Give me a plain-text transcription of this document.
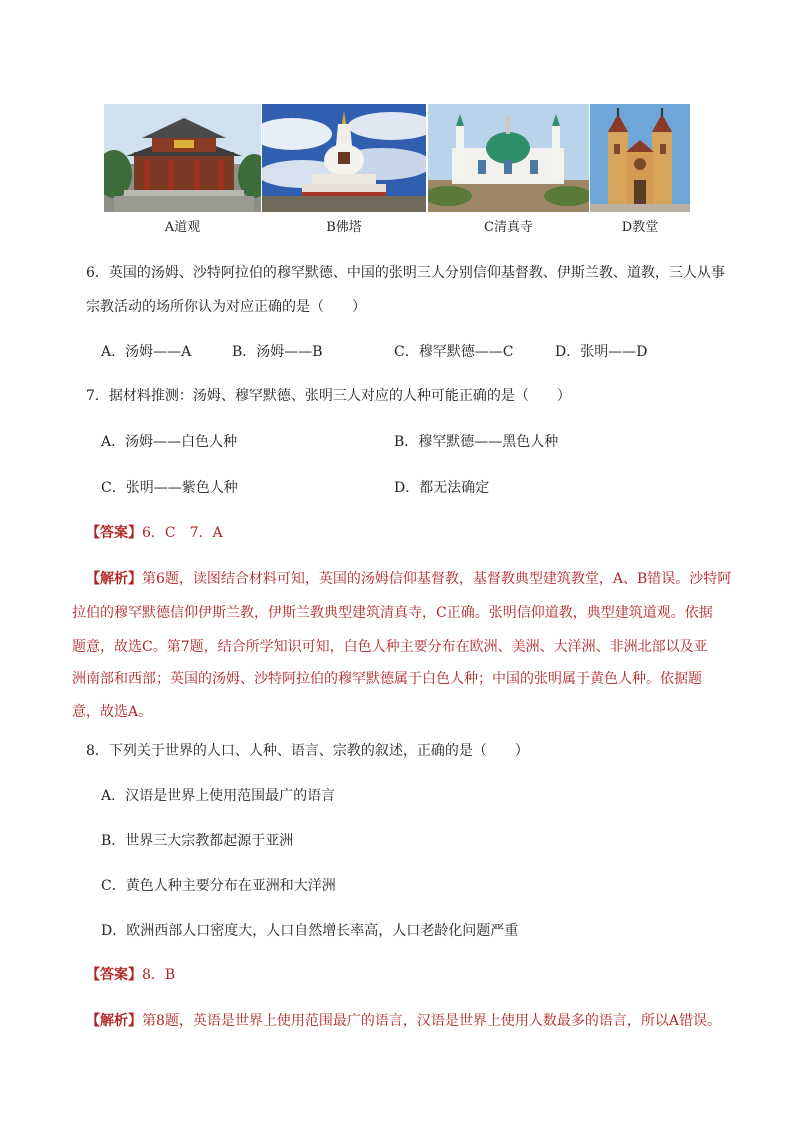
A道观	B佛塔	C清真寺	D教堂
6．英国的汤姆、沙特阿拉伯的穆罕默德、中国的张明三人分别信仰基督教、伊斯兰教、道教，三人从事
宗教活动的场所你认为对应正确的是（　　）
A．汤姆——A	B．汤姆——B	C．穆罕默德——C	D．张明——D
7．据材料推测：汤姆、穆罕默德、张明三人对应的人种可能正确的是（　　）
A．汤姆——白色人种	B．穆罕默德——黑色人种
C．张明——紫色人种	D．都无法确定
【答案】6．C　7．A
【解析】第6题，读图结合材料可知，英国的汤姆信仰基督教，基督教典型建筑教堂，A、B错误。沙特阿
拉伯的穆罕默德信仰伊斯兰教，伊斯兰教典型建筑清真寺，C正确。张明信仰道教，典型建筑道观。依据
题意，故选C。第7题，结合所学知识可知，白色人种主要分布在欧洲、美洲、大洋洲、非洲北部以及亚
洲南部和西部；英国的汤姆、沙特阿拉伯的穆罕默德属于白色人种；中国的张明属于黄色人种。依据题
意，故选A。
8．下列关于世界的人口、人种、语言、宗教的叙述，正确的是（　　）
A．汉语是世界上使用范围最广的语言
B．世界三大宗教都起源于亚洲
C．黄色人种主要分布在亚洲和大洋洲
D．欧洲西部人口密度大，人口自然增长率高，人口老龄化问题严重
【答案】8．B
【解析】第8题，英语是世界上使用范围最广的语言，汉语是世界上使用人数最多的语言，所以A错误。
